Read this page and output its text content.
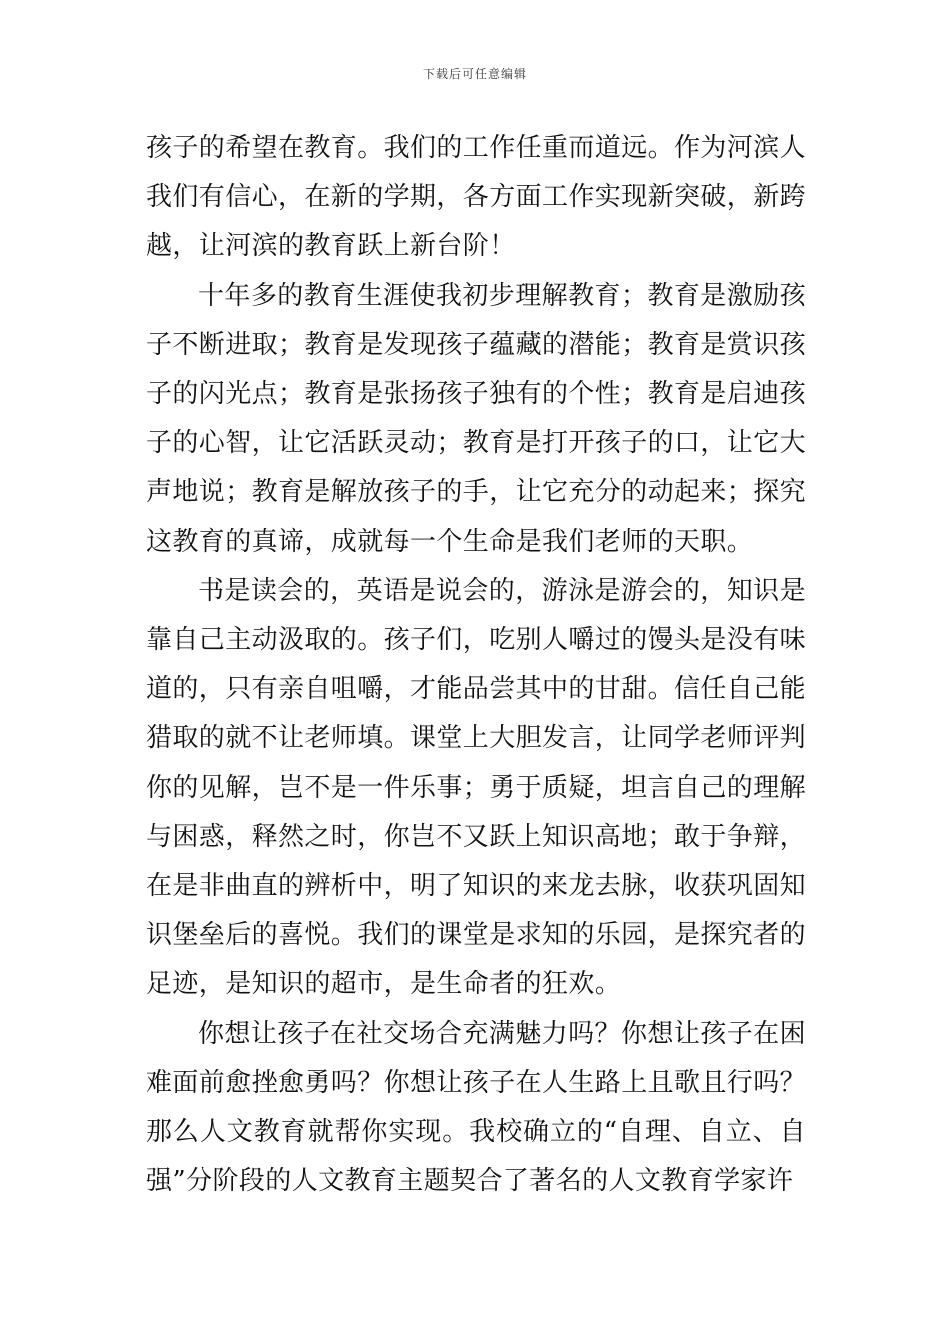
下载后可任意编辑

孩子的希望在教育。我们的工作任重而道远。作为河滨人我们有信心，在新的学期，各方面工作实现新突破，新跨越，让河滨的教育跃上新台阶！

十年多的教育生涯使我初步理解教育；教育是激励孩子不断进取；教育是发现孩子蕴藏的潜能；教育是赏识孩子的闪光点；教育是张扬孩子独有的个性；教育是启迪孩子的心智，让它活跃灵动；教育是打开孩子的口，让它大声地说；教育是解放孩子的手，让它充分的动起来；探究这教育的真谛，成就每一个生命是我们老师的天职。

书是读会的，英语是说会的，游泳是游会的，知识是靠自己主动汲取的。孩子们，吃别人嚼过的馒头是没有味道的，只有亲自咀嚼，才能品尝其中的甘甜。信任自己能猎取的就不让老师填。课堂上大胆发言，让同学老师评判你的见解，岂不是一件乐事；勇于质疑，坦言自己的理解与困惑，释然之时，你岂不又跃上知识高地；敢于争辩，在是非曲直的辨析中，明了知识的来龙去脉，收获巩固知识堡垒后的喜悦。我们的课堂是求知的乐园，是探究者的足迹，是知识的超市，是生命者的狂欢。

你想让孩子在社交场合充满魅力吗？你想让孩子在困难面前愈挫愈勇吗？你想让孩子在人生路上且歌且行吗？那么人文教育就帮你实现。我校确立的“自理、自立、自强”分阶段的人文教育主题契合了著名的人文教育学家许
